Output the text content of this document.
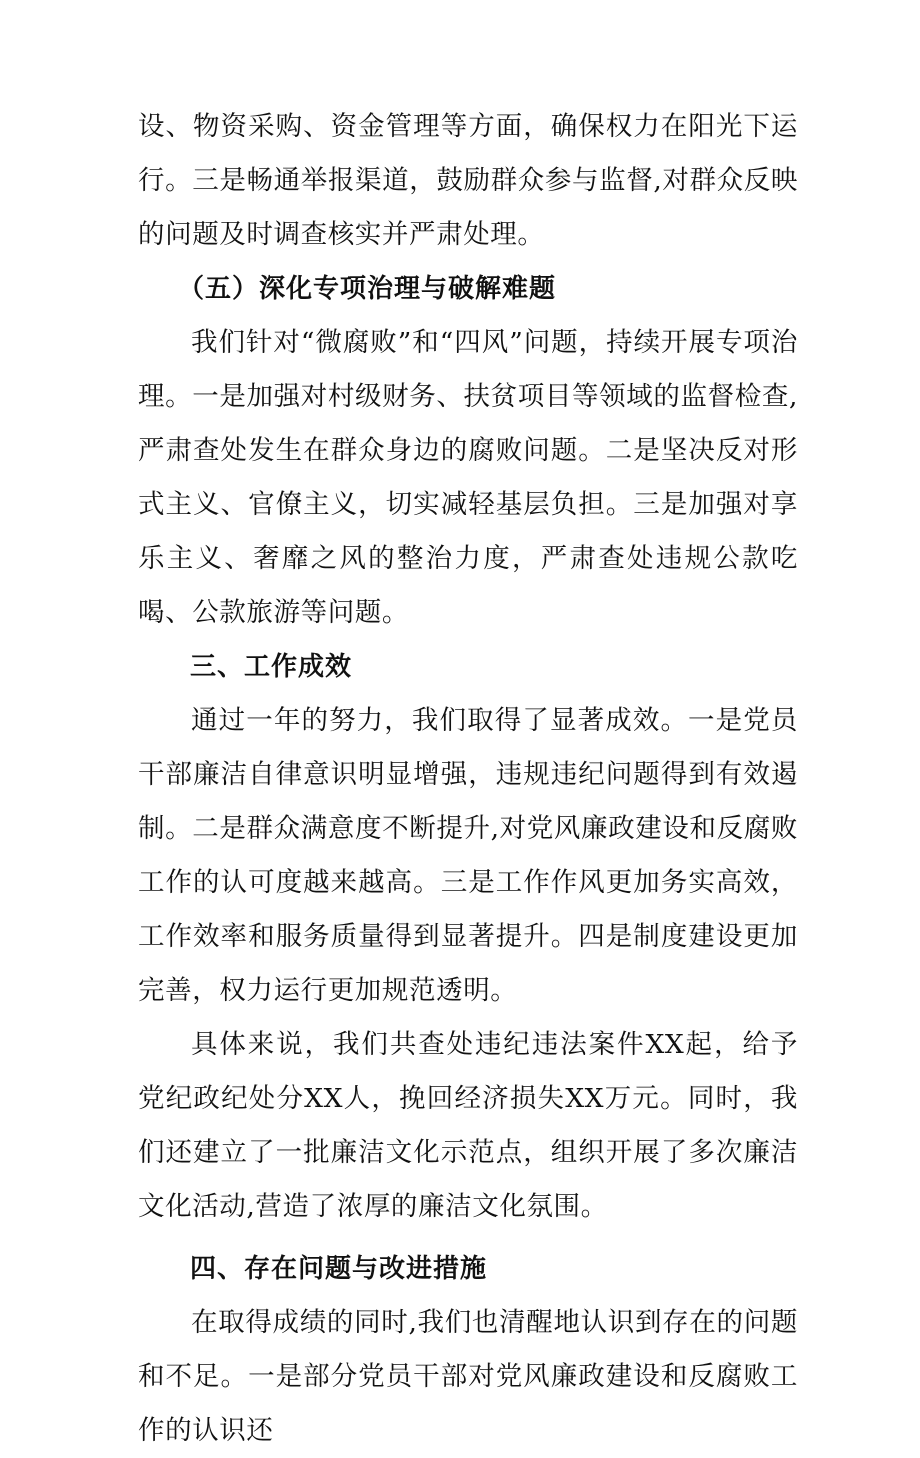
设、物资采购、资金管理等方面，确保权力在阳光下运行。三是畅通举报渠道，鼓励群众参与监督,对群众反映的问题及时调查核实并严肃处理。

（五）深化专项治理与破解难题

我们针对“微腐败”和“四风”问题，持续开展专项治理。一是加强对村级财务、扶贫项目等领域的监督检查,严肃查处发生在群众身边的腐败问题。二是坚决反对形式主义、官僚主义，切实减轻基层负担。三是加强对享乐主义、奢靡之风的整治力度，严肃查处违规公款吃喝、公款旅游等问题。

三、工作成效

通过一年的努力，我们取得了显著成效。一是党员干部廉洁自律意识明显增强，违规违纪问题得到有效遏制。二是群众满意度不断提升,对党风廉政建设和反腐败工作的认可度越来越高。三是工作作风更加务实高效，工作效率和服务质量得到显著提升。四是制度建设更加完善，权力运行更加规范透明。

具体来说，我们共查处违纪违法案件XX起，给予党纪政纪处分XX人，挽回经济损失XX万元。同时，我们还建立了一批廉洁文化示范点，组织开展了多次廉洁文化活动,营造了浓厚的廉洁文化氛围。

四、存在问题与改进措施

在取得成绩的同时,我们也清醒地认识到存在的问题和不足。一是部分党员干部对党风廉政建设和反腐败工作的认识还
